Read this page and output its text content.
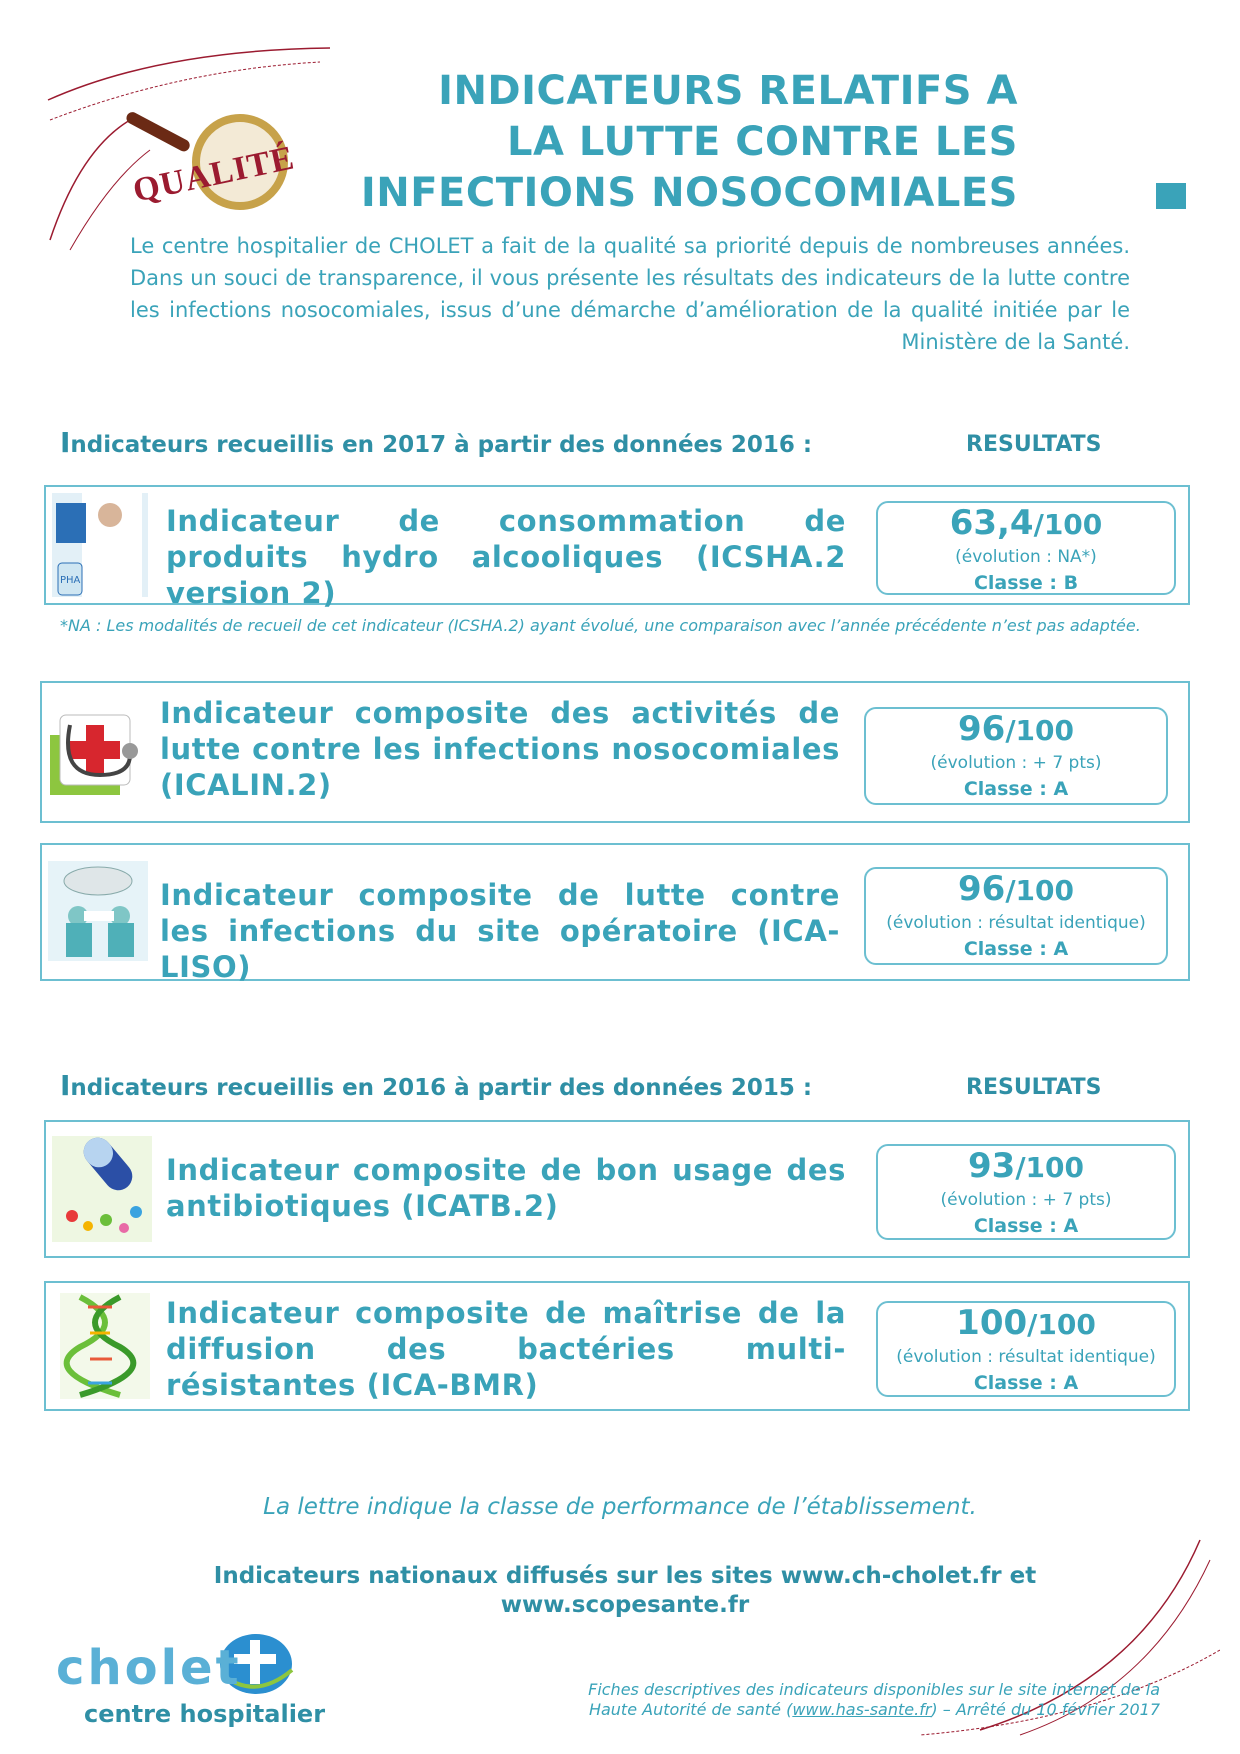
QUALITÉ
INDICATEURS RELATIFS A
LA LUTTE CONTRE LES
INFECTIONS NOSOCOMIALES
Le centre hospitalier de CHOLET a fait de la qualité sa priorité depuis de nombreuses années. Dans un souci de transparence, il vous présente les résultats des indicateurs de la lutte contre les infections nosocomiales, issus d’une démarche d’amélioration de la qualité initiée par le Ministère de la Santé.
Indicateurs recueillis en 2017 à partir des données 2016 :	RESULTATS
PHA
Indicateur de consommation de produits hydro alcooliques (ICSHA.2 version 2)
63,4/100
(évolution : NA*)
Classe : B
*NA : Les modalités de recueil de cet indicateur (ICSHA.2) ayant évolué, une comparaison avec l’année précédente n’est pas adaptée.
Indicateur composite des activités de lutte contre les infections nosocomiales (ICALIN.2)
96/100
(évolution : + 7 pts)
Classe : A
Indicateur composite de lutte contre les infections du site opératoire (ICA-LISO)
96/100
(évolution : résultat identique)
Classe : A
Indicateurs recueillis en 2016 à partir des données 2015 :	RESULTATS
Indicateur composite de bon usage des antibiotiques (ICATB.2)
93/100
(évolution : + 7 pts)
Classe : A
Indicateur composite de maîtrise de la diffusion des bactéries multi-résistantes (ICA-BMR)
100/100
(évolution : résultat identique)
Classe : A
La lettre indique la classe de performance de l’établissement.
Indicateurs nationaux diffusés sur les sites www.ch-cholet.fr et www.scopesante.fr
cholet
centre hospitalier
Fiches descriptives des indicateurs disponibles sur le site internet de la
Haute Autorité de santé (www.has-sante.fr) – Arrêté du 10 février 2017
